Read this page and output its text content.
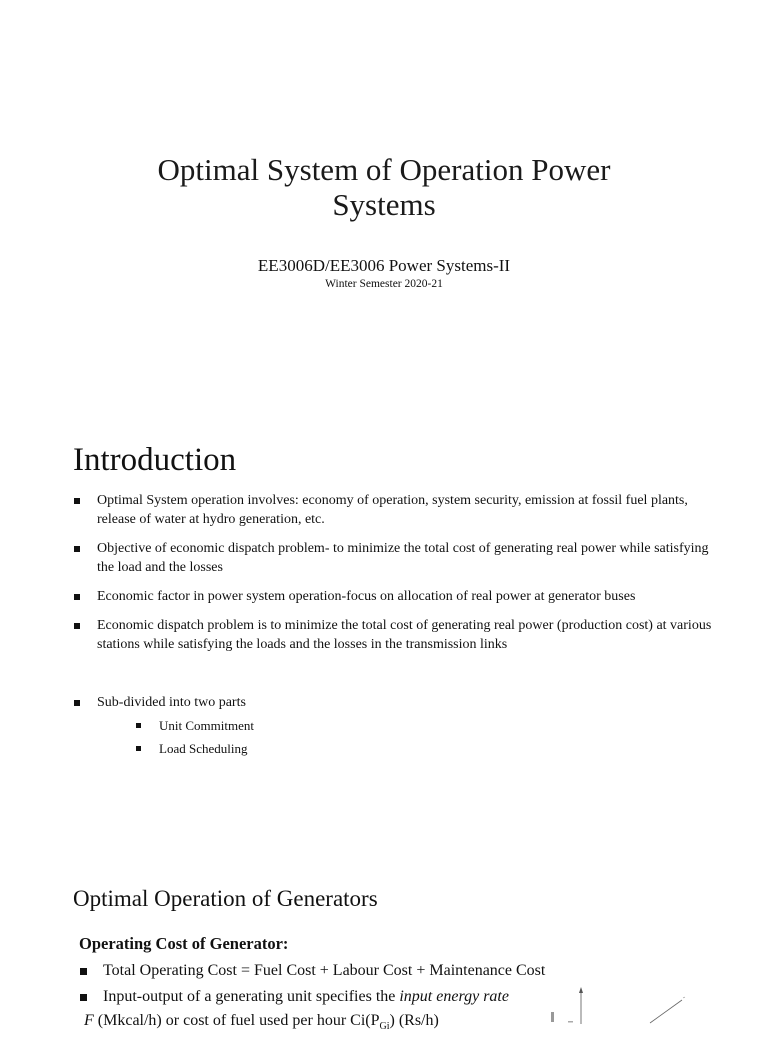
Optimal System of Operation Power
Systems
EE3006D/EE3006 Power Systems-II
Winter Semester 2020-21
Introduction
Optimal System operation involves: economy of operation, system security, emission at fossil fuel plants, release of water at hydro generation, etc.
Objective of economic dispatch problem- to minimize the total cost of generating real power while satisfying the load and the losses
Economic factor in power system operation-focus on allocation of real power at generator buses
Economic dispatch problem is to minimize the total cost of generating real power (production cost) at various stations while satisfying the loads and the losses in the transmission links
Sub-divided into two parts
Unit Commitment
Load Scheduling
Optimal Operation of Generators
Operating Cost of Generator:
Total Operating Cost = Fuel Cost + Labour Cost + Maintenance Cost
Input-output of a generating unit specifies the input energy rate
F (Mkcal/h) or cost of fuel used per hour $Ci(P_{Gi})$ (Rs/h)
